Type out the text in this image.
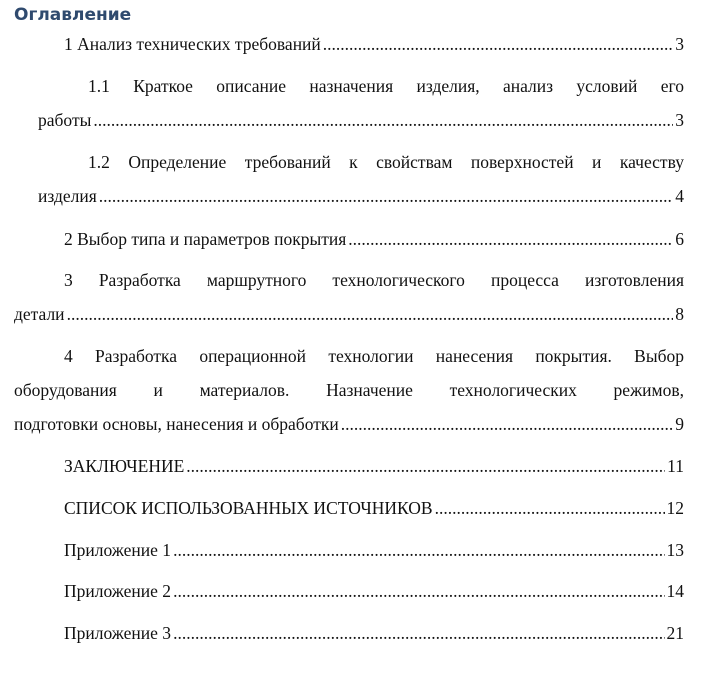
Оглавление
1 Анализ технических требований .....	3
1.1 Краткое описание назначения изделия, анализ условий его
работы .....	3
1.2 Определение требований к свойствам поверхностей и качеству
изделия .....	4
2 Выбор типа и параметров покрытия .....	6
3 Разработка маршрутного технологического процесса изготовления
детали .....	8
4 Разработка операционной технологии нанесения покрытия. Выбор
оборудования и материалов. Назначение технологических режимов,
подготовки основы, нанесения и обработки .....	9
ЗАКЛЮЧЕНИЕ .....	11
СПИСОК ИСПОЛЬЗОВАННЫХ ИСТОЧНИКОВ .....	12
Приложение 1 .....	13
Приложение 2 .....	14
Приложение 3 .....	21
